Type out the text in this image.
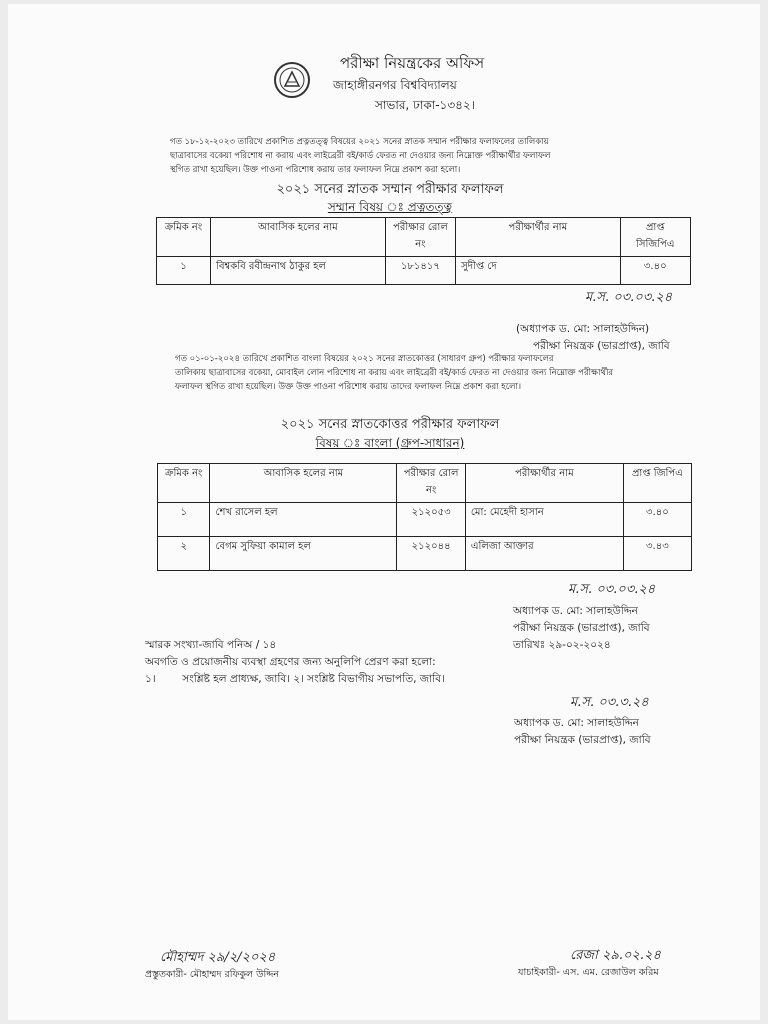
পরীক্ষা নিয়ন্ত্রকের অফিস
জাহাঙ্গীরনগর বিশ্ববিদ্যালয়
সাভার, ঢাকা-১৩৪২।
গত ১৮-১২-২০২৩ তারিখে প্রকাশিত প্রত্নতত্ত্ব বিষয়ের ২০২১ সনের স্নাতক সম্মান পরীক্ষার ফলাফলের তালিকায়
ছাত্রাবাসের বকেয়া পরিশোধ না করায় এবং লাইব্রেরী বই/কার্ড ফেরত না দেওয়ার জন্য নিম্নোক্ত পরীক্ষার্থীর ফলাফল
স্থগিত রাখা হয়েছিল। উক্ত পাওনা পরিশোধ করায় তার ফলাফল নিম্নে প্রকাশ করা হলো।
২০২১ সনের স্নাতক সম্মান পরীক্ষার ফলাফল
সম্মান বিষয় ঃ প্রত্নতত্ত্ব
ক্রমিক নং	আবাসিক হলের নাম	পরীক্ষার রোল নং	পরীক্ষার্থীর নাম	প্রাপ্ত সিজিপিএ
১	বিশ্বকবি রবীন্দ্রনাথ ঠাকুর হল	১৮১৪১৭	সুদীপ্ত দে	৩.৪০
ম.স. ০৩.০৩.২৪
(অধ্যাপক ড. মো: সালাহউদ্দিন)
পরীক্ষা নিয়ন্ত্রক (ভারপ্রাপ্ত), জাবি
গত ০১-০১-২০২৪ তারিখে প্রকাশিত বাংলা বিষয়ের ২০২১ সনের স্নাতকোত্তর (সাধারণ গ্রুপ) পরীক্ষার ফলাফলের
তালিকায় ছাত্রাবাসের বকেয়া, মোবাইল লোন পরিশোধ না করায় এবং লাইব্রেরী বই/কার্ড ফেরত না দেওয়ার জন্য নিম্নোক্ত পরীক্ষার্থীর
ফলাফল স্থগিত রাখা হয়েছিল। উক্ত উক্ত পাওনা পরিশোধ করায় তাদের ফলাফল নিম্নে প্রকাশ করা হলো।
২০২১ সনের স্নাতকোত্তর পরীক্ষার ফলাফল
বিষয় ঃ বাংলা (গ্রুপ-সাধারন)
ক্রমিক নং	আবাসিক হলের নাম	পরীক্ষার রোল নং	পরীক্ষার্থীর নাম	প্রাপ্ত জিপিএ
১	শেখ রাসেল হল	২১২০৫৩	মো: মেহেদী হাসান	৩.৪০
২	বেগম সুফিয়া কামাল হল	২১২০৪৪	এলিজা আক্তার	৩.৪৩
ম.স. ০৩.০৩.২৪
অধ্যাপক ড. মো: সালাহউদ্দিন
পরীক্ষা নিয়ন্ত্রক (ভারপ্রাপ্ত), জাবি
তারিখঃ ২৯-০২-২০২৪
স্মারক সংখ্যা-জাবি পনিঅ / ১৪
অবগতি ও প্রয়োজনীয় ব্যবস্থা গ্রহণের জন্য অনুলিপি প্রেরণ করা হলো:
১।        সংশ্লিষ্ট হল প্রাধ্যক্ষ, জাবি। ২। সংশ্লিষ্ট বিভাগীয় সভাপতি, জাবি।
ম.স. ০৩.৩.২৪
অধ্যাপক ড. মো: সালাহউদ্দিন
পরীক্ষা নিয়ন্ত্রক (ভারপ্রাপ্ত), জাবি
মৌহাম্মদ ২৯/২/২০২৪
প্রস্তুতকারী- মৌহাম্মদ রফিকুল উদ্দিন
রেজা ২৯.০২.২৪
যাচাইকারী- এস. এম. রেজাউল করিম
